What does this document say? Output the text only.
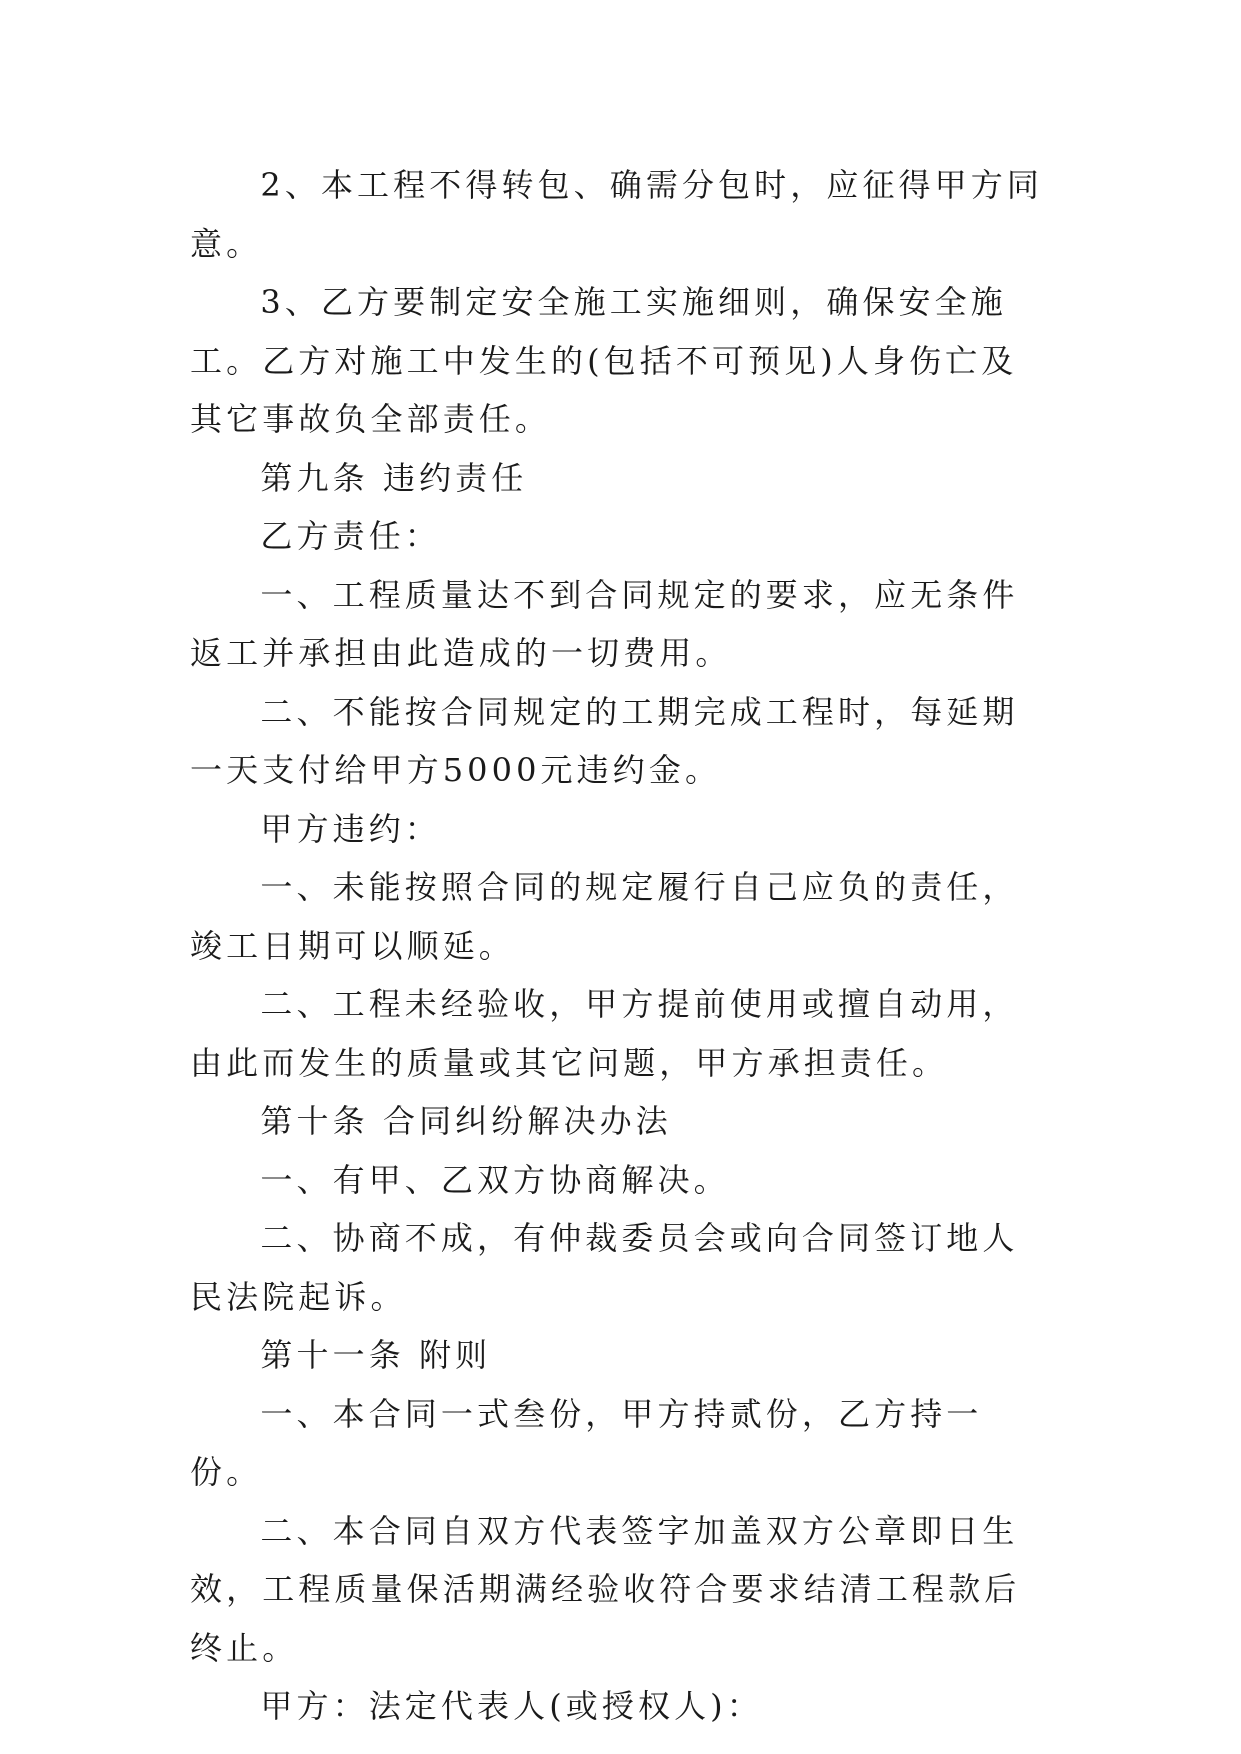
2、本工程不得转包、确需分包时，应征得甲方同意。

3、乙方要制定安全施工实施细则，确保安全施工。乙方对施工中发生的(包括不可预见)人身伤亡及其它事故负全部责任。

第九条 违约责任

乙方责任：

一、工程质量达不到合同规定的要求，应无条件返工并承担由此造成的一切费用。

二、不能按合同规定的工期完成工程时，每延期一天支付给甲方5000元违约金。

甲方违约：

一、未能按照合同的规定履行自己应负的责任，竣工日期可以顺延。

二、工程未经验收，甲方提前使用或擅自动用，由此而发生的质量或其它问题，甲方承担责任。

第十条 合同纠纷解决办法

一、有甲、乙双方协商解决。

二、协商不成，有仲裁委员会或向合同签订地人民法院起诉。

第十一条 附则

一、本合同一式叁份，甲方持贰份，乙方持一份。

二、本合同自双方代表签字加盖双方公章即日生效，工程质量保活期满经验收符合要求结清工程款后终止。

甲方：法定代表人(或授权人)：
